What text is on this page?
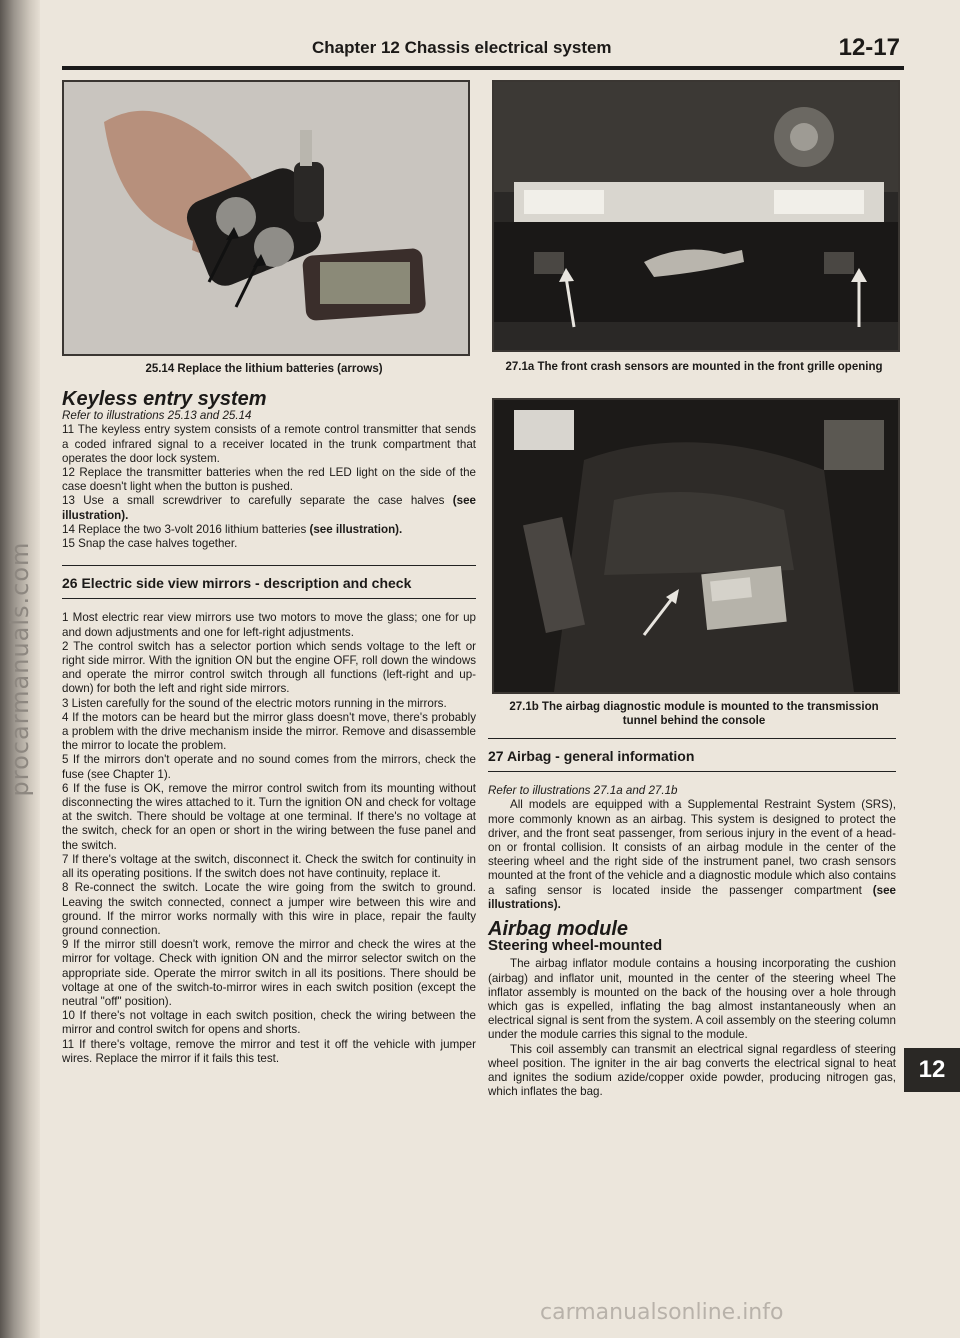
procarmanuals.com
Chapter 12 Chassis electrical system	12-17
25.14 Replace the lithium batteries (arrows)	27.1a The front crash sensors are mounted in the front grille opening
27.1b The airbag diagnostic module is mounted to the transmission tunnel behind the console
Keyless entry system

Refer to illustrations 25.13 and 25.14

11 The keyless entry system consists of a remote control transmitter that sends a coded infrared signal to a receiver located in the trunk compartment that operates the door lock system.

12 Replace the transmitter batteries when the red LED light on the side of the case doesn't light when the button is pushed.

13 Use a small screwdriver to carefully separate the case halves (see illustration).

14 Replace the two 3-volt 2016 lithium batteries (see illustration).

15 Snap the case halves together.

26 Electric side view mirrors - description and check

1 Most electric rear view mirrors use two motors to move the glass; one for up and down adjustments and one for left-right adjustments.

2 The control switch has a selector portion which sends voltage to the left or right side mirror. With the ignition ON but the engine OFF, roll down the windows and operate the mirror control switch through all functions (left-right and up-down) for both the left and right side mirrors.

3 Listen carefully for the sound of the electric motors running in the mirrors.

4 If the motors can be heard but the mirror glass doesn't move, there's probably a problem with the drive mechanism inside the mirror. Remove and disassemble the mirror to locate the problem.

5 If the mirrors don't operate and no sound comes from the mirrors, check the fuse (see Chapter 1).

6 If the fuse is OK, remove the mirror control switch from its mounting without disconnecting the wires attached to it. Turn the ignition ON and check for voltage at the switch. There should be voltage at one terminal. If there's no voltage at the switch, check for an open or short in the wiring between the fuse panel and the switch.

7 If there's voltage at the switch, disconnect it. Check the switch for continuity in all its operating positions. If the switch does not have continuity, replace it.

8 Re-connect the switch. Locate the wire going from the switch to ground. Leaving the switch connected, connect a jumper wire between this wire and ground. If the mirror works normally with this wire in place, repair the faulty ground connection.

9 If the mirror still doesn't work, remove the mirror and check the wires at the mirror for voltage. Check with ignition ON and the mirror selector switch on the appropriate side. Operate the mirror switch in all its positions. There should be voltage at one of the switch-to-mirror wires in each switch position (except the neutral "off" position).

10 If there's not voltage in each switch position, check the wiring between the mirror and control switch for opens and shorts.

11 If there's voltage, remove the mirror and test it off the vehicle with jumper wires. Replace the mirror if it fails this test.

27 Airbag - general information

Refer to illustrations 27.1a and 27.1b

All models are equipped with a Supplemental Restraint System (SRS), more commonly known as an airbag. This system is designed to protect the driver, and the front seat passenger, from serious injury in the event of a head-on or frontal collision. It consists of an airbag module in the center of the steering wheel and the right side of the instrument panel, two crash sensors mounted at the front of the vehicle and a diagnostic module which also contains a safing sensor is located inside the passenger compartment (see illustrations).

Airbag module
Steering wheel-mounted

The airbag inflator module contains a housing incorporating the cushion (airbag) and inflator unit, mounted in the center of the steering wheel The inflator assembly is mounted on the back of the housing over a hole through which gas is expelled, inflating the bag almost instantaneously when an electrical signal is sent from the system. A coil assembly on the steering column under the module carries this signal to the module.

This coil assembly can transmit an electrical signal regardless of steering wheel position. The igniter in the air bag converts the electrical signal to heat and ignites the sodium azide/copper oxide powder, producing nitrogen gas, which inflates the bag.

12
carmanualsonline.info
